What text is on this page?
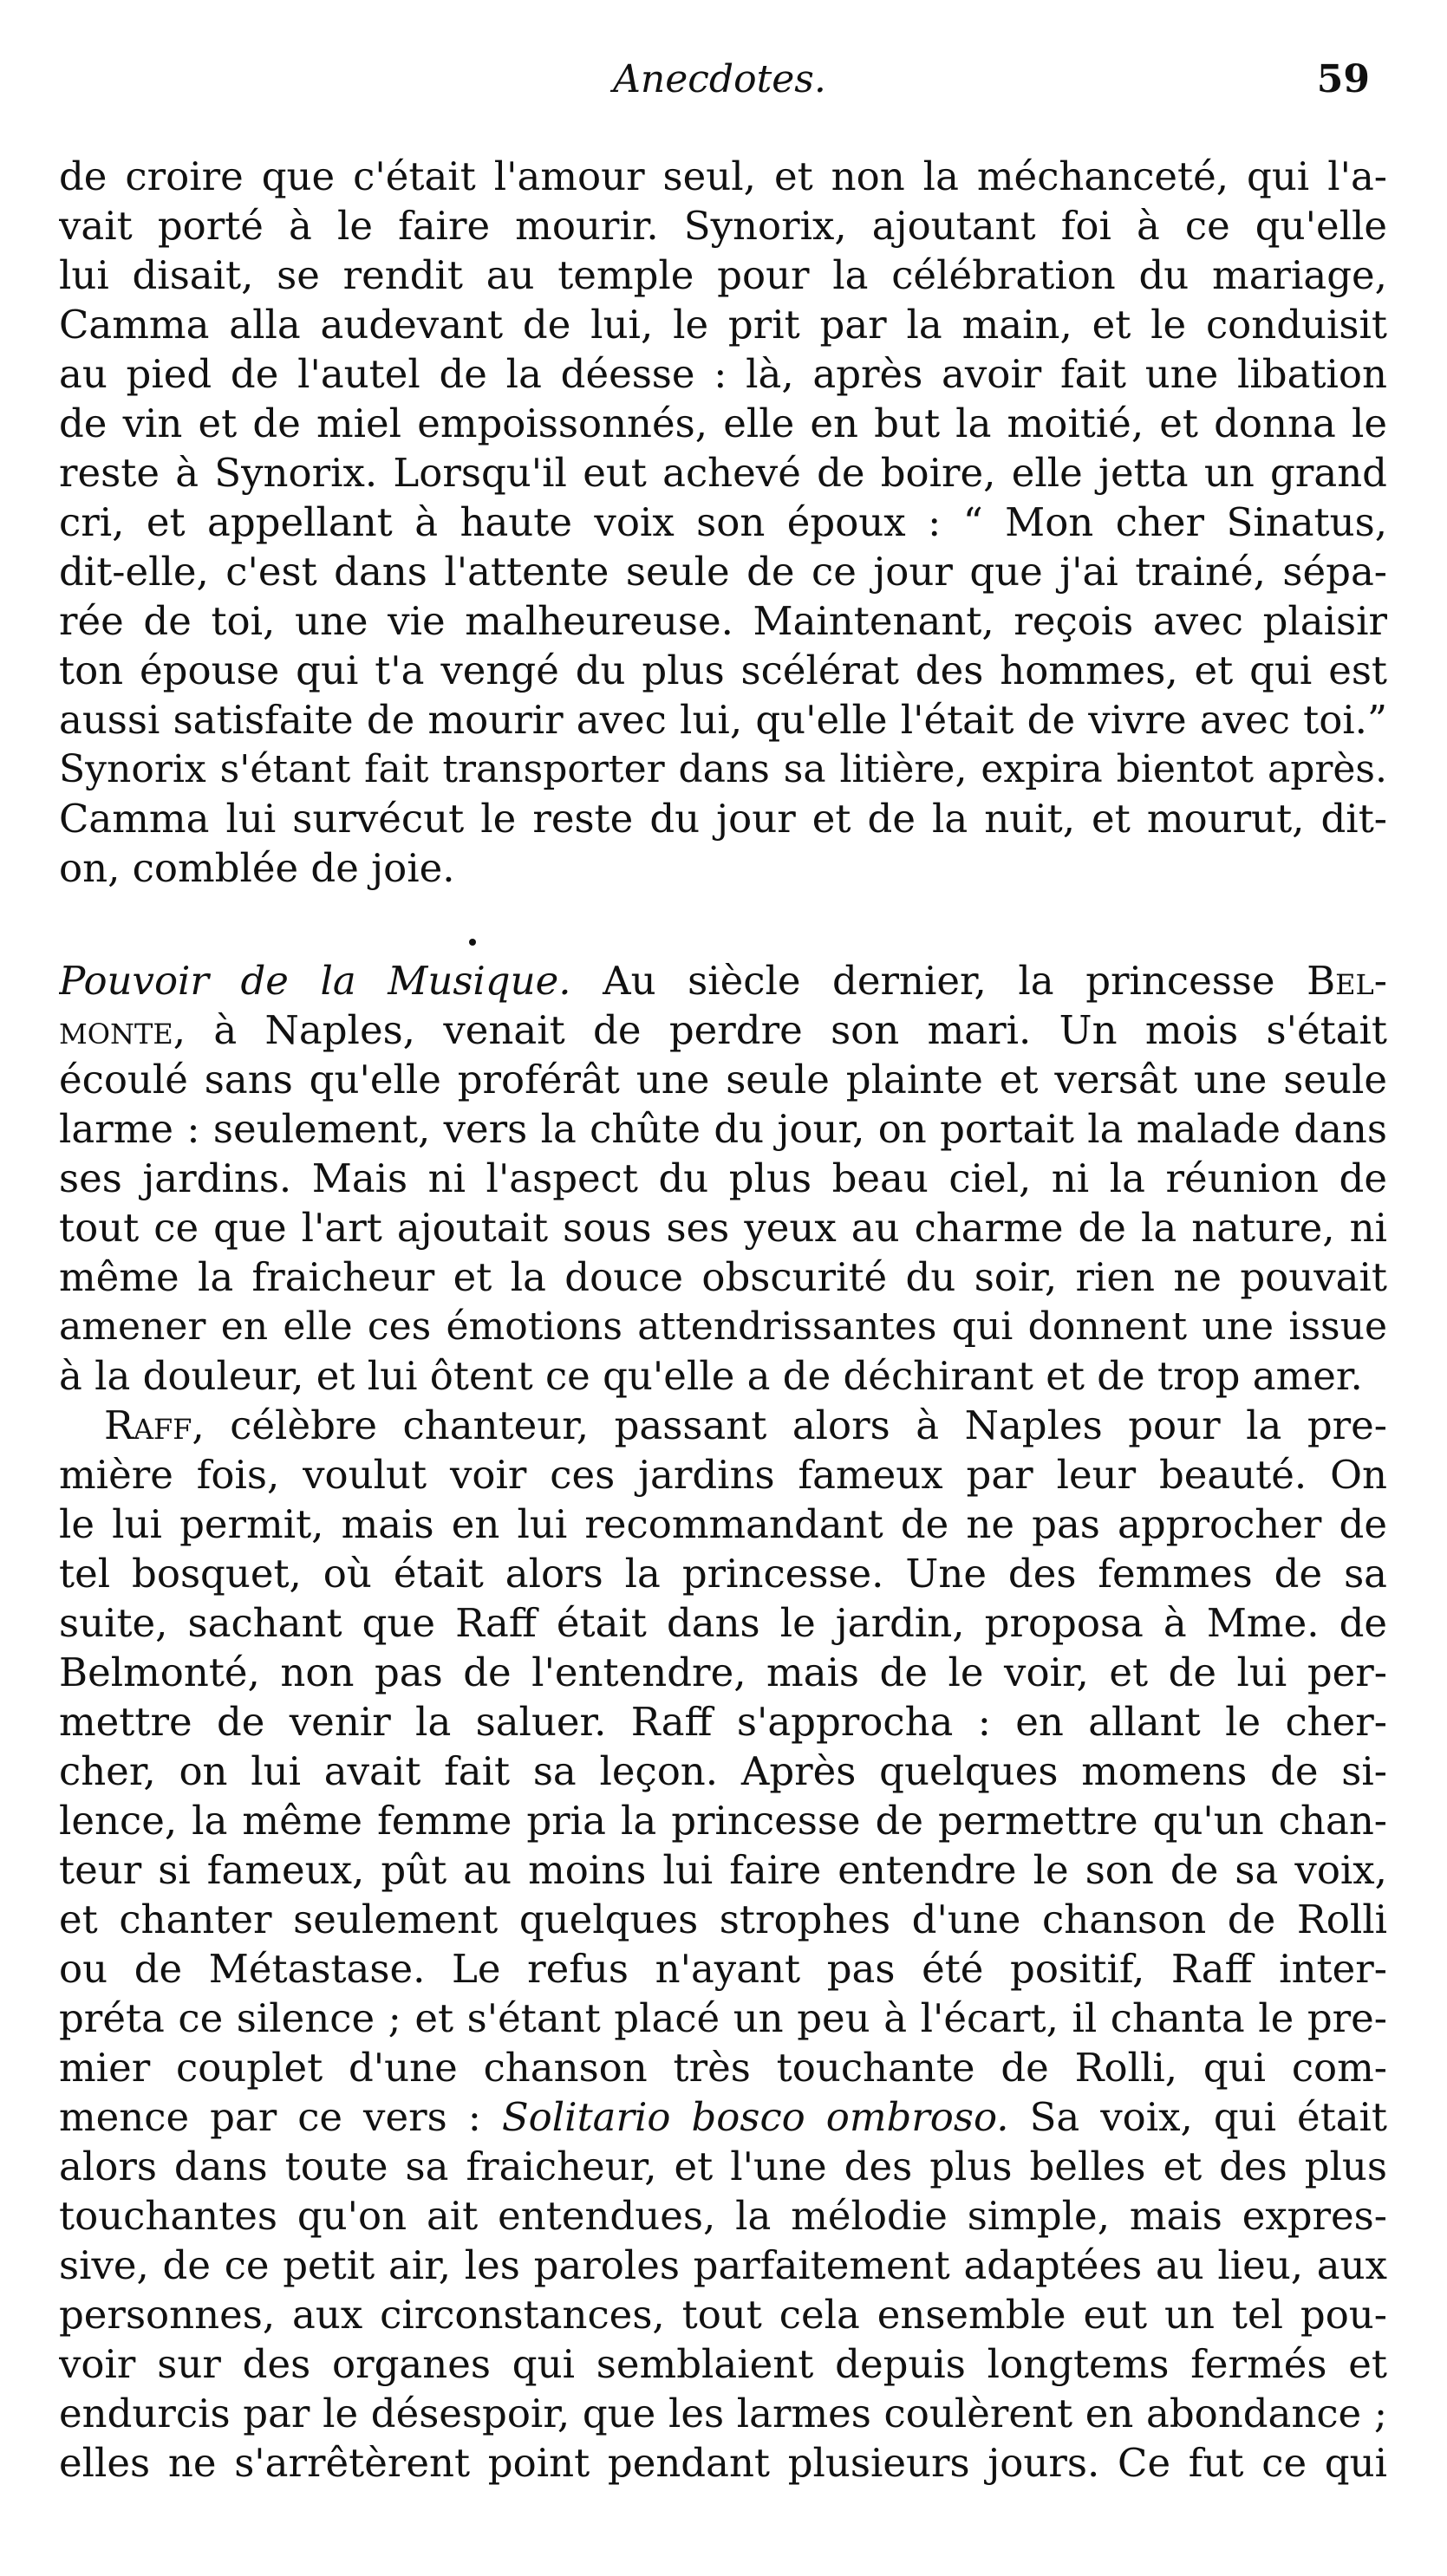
Anecdotes.	59
de croire que c'était l'amour seul, et non la méchanceté, qui l'a-
vait porté à le faire mourir. Synorix, ajoutant foi à ce qu'elle
lui disait, se rendit au temple pour la célébration du mariage,
Camma alla audevant de lui, le prit par la main, et le conduisit
au pied de l'autel de la déesse : là, après avoir fait une libation
de vin et de miel empoissonnés, elle en but la moitié, et donna le
reste à Synorix. Lorsqu'il eut achevé de boire, elle jetta un grand
cri, et appellant à haute voix son époux : “ Mon cher Sinatus,
dit-elle, c'est dans l'attente seule de ce jour que j'ai trainé, sépa-
rée de toi, une vie malheureuse. Maintenant, reçois avec plaisir
ton épouse qui t'a vengé du plus scélérat des hommes, et qui est
aussi satisfaite de mourir avec lui, qu'elle l'était de vivre avec toi.”
Synorix s'étant fait transporter dans sa litière, expira bientot après.
Camma lui survécut le reste du jour et de la nuit, et mourut, dit-
on, comblée de joie.
Pouvoir de la Musique. Au siècle dernier, la princesse Bel-
monte, à Naples, venait de perdre son mari. Un mois s'était
écoulé sans qu'elle proférât une seule plainte et versât une seule
larme : seulement, vers la chûte du jour, on portait la malade dans
ses jardins. Mais ni l'aspect du plus beau ciel, ni la réunion de
tout ce que l'art ajoutait sous ses yeux au charme de la nature, ni
même la fraicheur et la douce obscurité du soir, rien ne pouvait
amener en elle ces émotions attendrissantes qui donnent une issue
à la douleur, et lui ôtent ce qu'elle a de déchirant et de trop amer.
Raff, célèbre chanteur, passant alors à Naples pour la pre-
mière fois, voulut voir ces jardins fameux par leur beauté. On
le lui permit, mais en lui recommandant de ne pas approcher de
tel bosquet, où était alors la princesse. Une des femmes de sa
suite, sachant que Raff était dans le jardin, proposa à Mme. de
Belmonté, non pas de l'entendre, mais de le voir, et de lui per-
mettre de venir la saluer. Raff s'approcha : en allant le cher-
cher, on lui avait fait sa leçon. Après quelques momens de si-
lence, la même femme pria la princesse de permettre qu'un chan-
teur si fameux, pût au moins lui faire entendre le son de sa voix,
et chanter seulement quelques strophes d'une chanson de Rolli
ou de Métastase. Le refus n'ayant pas été positif, Raff inter-
préta ce silence ; et s'étant placé un peu à l'écart, il chanta le pre-
mier couplet d'une chanson très touchante de Rolli, qui com-
mence par ce vers : Solitario bosco ombroso. Sa voix, qui était
alors dans toute sa fraicheur, et l'une des plus belles et des plus
touchantes qu'on ait entendues, la mélodie simple, mais expres-
sive, de ce petit air, les paroles parfaitement adaptées au lieu, aux
personnes, aux circonstances, tout cela ensemble eut un tel pou-
voir sur des organes qui semblaient depuis longtems fermés et
endurcis par le désespoir, que les larmes coulèrent en abondance ;
elles ne s'arrêtèrent point pendant plusieurs jours. Ce fut ce qui
